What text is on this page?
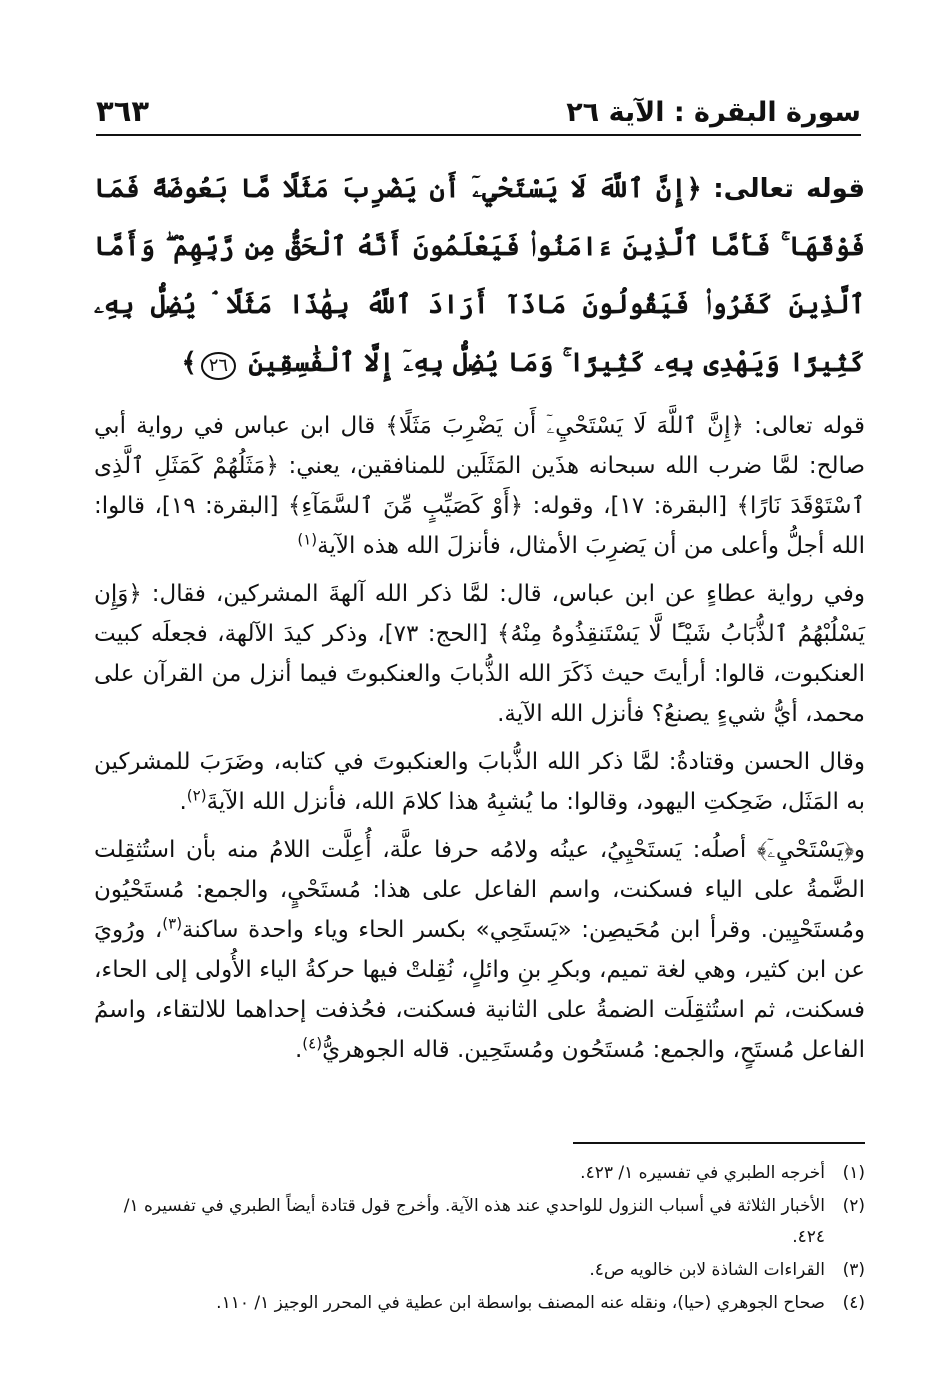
٣٦٣	سورة البقرة : الآية ٢٦

قوله تعالى: ﴿إِنَّ ٱللَّهَ لَا يَسْتَحْيِۦٓ أَن يَضْرِبَ مَثَلًا مَّا بَعُوضَةً فَمَا فَوْقَهَا ۚ فَأَمَّا ٱلَّذِينَ ءَامَنُوا۟ فَيَعْلَمُونَ أَنَّهُ ٱلْحَقُّ مِن رَّبِّهِمْ ۖ وَأَمَّا ٱلَّذِينَ كَفَرُوا۟ فَيَقُولُونَ مَاذَآ أَرَادَ ٱللَّهُ بِهَٰذَا مَثَلًا ۘ يُضِلُّ بِهِۦ كَثِيرًا وَيَهْدِى بِهِۦ كَثِيرًا ۚ وَمَا يُضِلُّ بِهِۦٓ إِلَّا ٱلْفَٰسِقِينَ ٢٦﴾

قوله تعالى: ﴿إِنَّ ٱللَّهَ لَا يَسْتَحْيِۦٓ أَن يَضْرِبَ مَثَلًا﴾ قال ابن عباس في رواية أبي صالح: لمَّا ضرب الله سبحانه هذَين المَثَلَين للمنافقين، يعني: ﴿مَثَلُهُمْ كَمَثَلِ ٱلَّذِى ٱسْتَوْقَدَ نَارًا﴾ [البقرة: ١٧]، وقوله: ﴿أَوْ كَصَيِّبٍ مِّنَ ٱلسَّمَآءِ﴾ [البقرة: ١٩]، قالوا: الله أجلُّ وأعلى من أن يَضرِبَ الأمثال، فأنزلَ الله هذه الآية$^{(١)}$

وفي رواية عطاءٍ عن ابن عباس، قال: لمَّا ذكر الله آلهةَ المشركين، فقال: ﴿وَإِن يَسْلُبْهُمُ ٱلذُّبَابُ شَيْـًٔا لَّا يَسْتَنقِذُوهُ مِنْهُ﴾ [الحج: ٧٣]، وذكر كيدَ الآلهة، فجعلَه كبيت العنكبوت، قالوا: أرأيتَ حيث ذَكَرَ الله الذُّبابَ والعنكبوتَ فيما أنزل من القرآن على محمد، أيُّ شيءٍ يصنعُ؟ فأنزل الله الآية.

وقال الحسن وقتادةُ: لمَّا ذكر الله الذُّبابَ والعنكبوتَ في كتابه، وضَرَبَ للمشركين به المَثَل، ضَحِكتِ اليهود، وقالوا: ما يُشبِهُ هذا كلامَ الله، فأنزل الله الآيةَ$^{(٢)}$.

و﴿يَسْتَحْيِۦٓ﴾ أصلُه: يَستَحْيِيُ، عينُه ولامُه حرفا علَّة، أُعِلَّت اللامُ منه بأن استُثقِلت الضَّمةُ على الياء فسكنت، واسم الفاعل على هذا: مُستَحْيٍ، والجمع: مُستَحْيُون ومُستَحْيِين. وقرأ ابن مُحَيصِن: «يَستَحِي» بكسر الحاء وياء واحدة ساكنة$^{(٣)}$، ورُويَ عن ابن كثير، وهي لغة تميم، وبكرِ بنِ وائلٍ، نُقِلتْ فيها حركةُ الياء الأُولى إلى الحاء، فسكنت، ثم استُثقِلَت الضمةُ على الثانية فسكنت، فحُذفت إحداهما للالتقاء، واسمُ الفاعل مُستَحٍ، والجمع: مُستَحُون ومُستَحِين. قاله الجوهريُّ$^{(٤)}$.

(١)أخرجه الطبري في تفسيره ١/ ٤٢٣.

(٢)الأخبار الثلاثة في أسباب النزول للواحدي عند هذه الآية. وأخرج قول قتادة أيضاً الطبري في تفسيره ١/ ٤٢٤.

(٣)القراءات الشاذة لابن خالويه ص٤.

(٤)صحاح الجوهري (حيا)، ونقله عنه المصنف بواسطة ابن عطية في المحرر الوجيز ١/ ١١٠.
